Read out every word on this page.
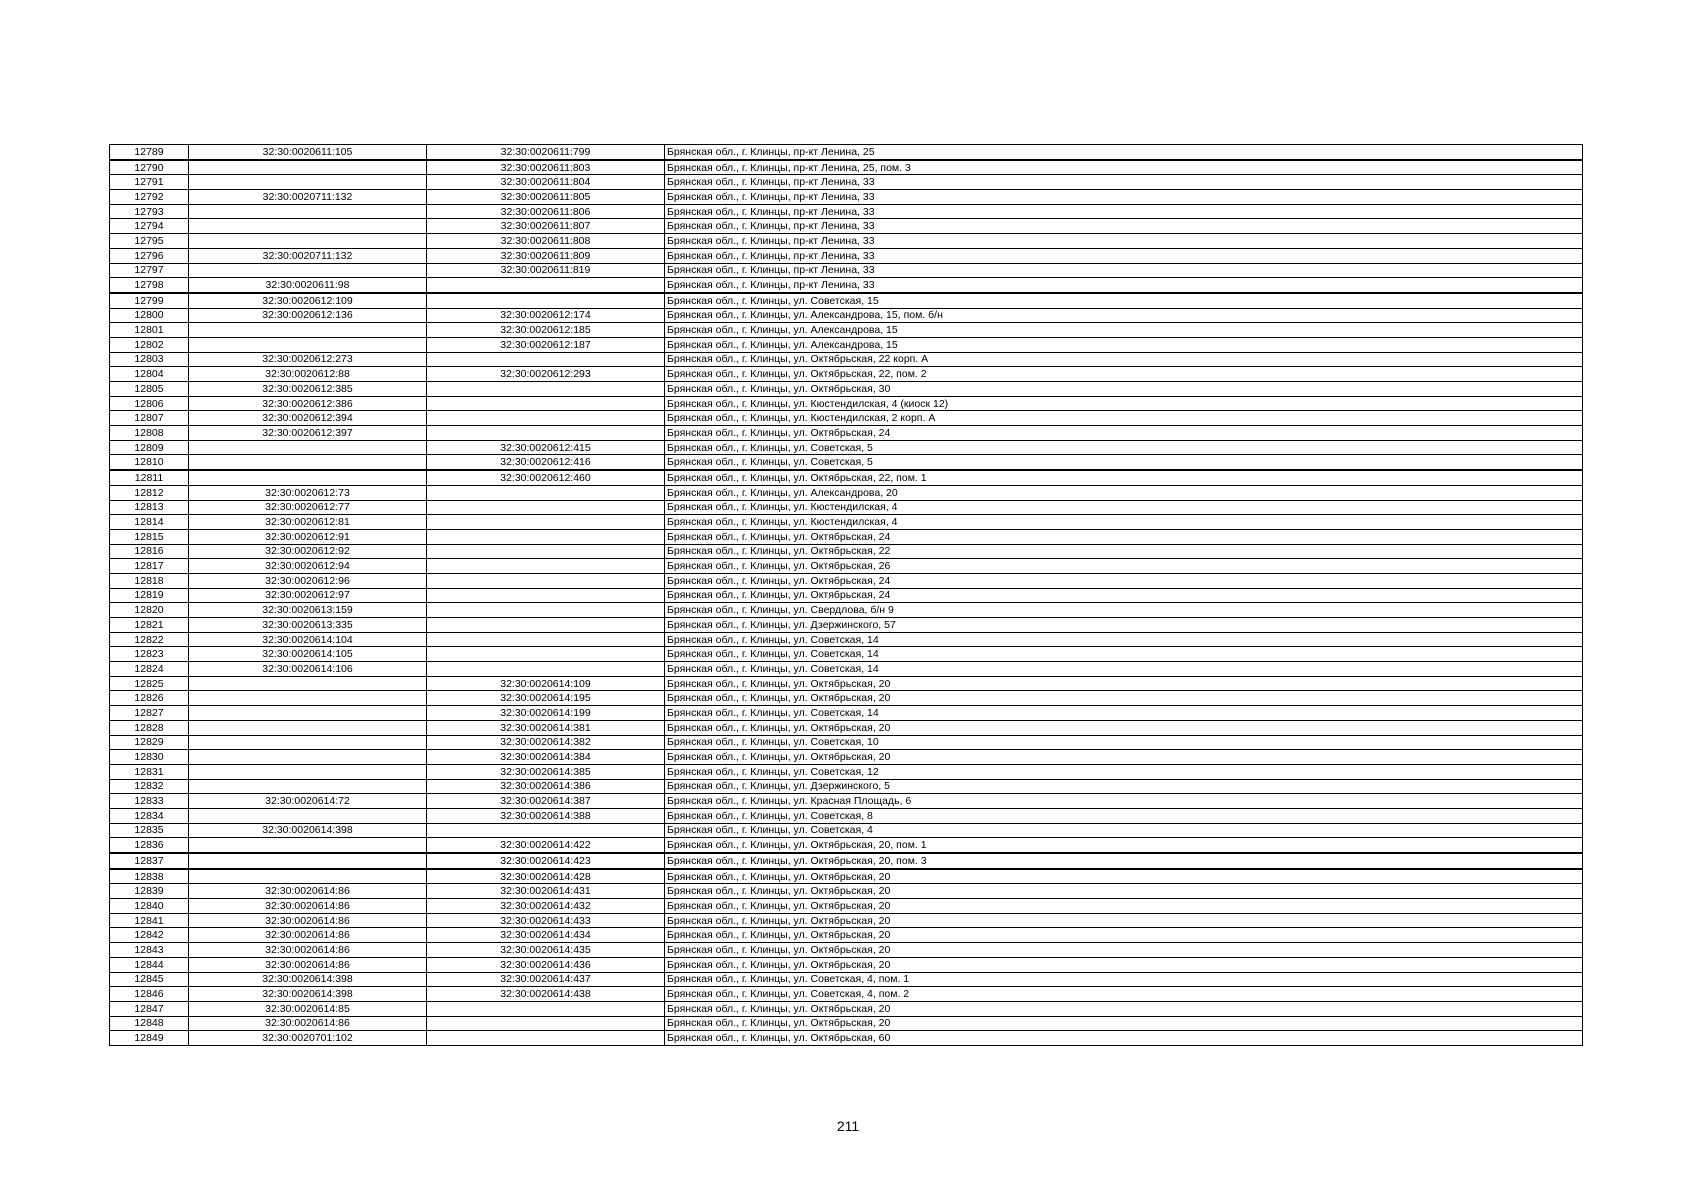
12789	32:30:0020611:105	32:30:0020611:799	Брянская обл., г. Клинцы, пр-кт Ленина, 25
12790		32:30:0020611:803	Брянская обл., г. Клинцы, пр-кт Ленина, 25, пом. 3
12791		32:30:0020611:804	Брянская обл., г. Клинцы, пр-кт Ленина, 33
12792	32:30:0020711:132	32:30:0020611:805	Брянская обл., г. Клинцы, пр-кт Ленина, 33
12793		32:30:0020611:806	Брянская обл., г. Клинцы, пр-кт Ленина, 33
12794		32:30:0020611:807	Брянская обл., г. Клинцы, пр-кт Ленина, 33
12795		32:30:0020611:808	Брянская обл., г. Клинцы, пр-кт Ленина, 33
12796	32:30:0020711:132	32:30:0020611:809	Брянская обл., г. Клинцы, пр-кт Ленина, 33
12797		32:30:0020611:819	Брянская обл., г. Клинцы, пр-кт Ленина, 33
12798	32:30:0020611:98		Брянская обл., г. Клинцы, пр-кт Ленина, 33
12799	32:30:0020612:109		Брянская обл., г. Клинцы, ул. Советская, 15
12800	32:30:0020612:136	32:30:0020612:174	Брянская обл., г. Клинцы, ул. Александрова, 15, пом. б/н
12801		32:30:0020612:185	Брянская обл., г. Клинцы, ул. Александрова, 15
12802		32:30:0020612:187	Брянская обл., г. Клинцы, ул. Александрова, 15
12803	32:30:0020612:273		Брянская обл., г. Клинцы, ул. Октябрьская, 22 корп. А
12804	32:30:0020612:88	32:30:0020612:293	Брянская обл., г. Клинцы, ул. Октябрьская, 22, пом. 2
12805	32:30:0020612:385		Брянская обл., г. Клинцы, ул. Октябрьская, 30
12806	32:30:0020612:386		Брянская обл., г. Клинцы, ул. Кюстендилская, 4 (киоск 12)
12807	32:30:0020612:394		Брянская обл., г. Клинцы, ул. Кюстендилская, 2 корп. А
12808	32:30:0020612:397		Брянская обл., г. Клинцы, ул. Октябрьская, 24
12809		32:30:0020612:415	Брянская обл., г. Клинцы, ул. Советская, 5
12810		32:30:0020612:416	Брянская обл., г. Клинцы, ул. Советская, 5
12811		32:30:0020612:460	Брянская обл., г. Клинцы, ул. Октябрьская, 22, пом. 1
12812	32:30:0020612:73		Брянская обл., г. Клинцы, ул. Александрова, 20
12813	32:30:0020612:77		Брянская обл., г. Клинцы, ул. Кюстендилская, 4
12814	32:30:0020612:81		Брянская обл., г. Клинцы, ул. Кюстендилская, 4
12815	32:30:0020612:91		Брянская обл., г. Клинцы, ул. Октябрьская, 24
12816	32:30:0020612:92		Брянская обл., г. Клинцы, ул. Октябрьская, 22
12817	32:30:0020612:94		Брянская обл., г. Клинцы, ул. Октябрьская, 26
12818	32:30:0020612:96		Брянская обл., г. Клинцы, ул. Октябрьская, 24
12819	32:30:0020612:97		Брянская обл., г. Клинцы, ул. Октябрьская, 24
12820	32:30:0020613:159		Брянская обл., г. Клинцы, ул. Свердлова, б/н 9
12821	32:30:0020613:335		Брянская обл., г. Клинцы, ул. Дзержинского, 57
12822	32:30:0020614:104		Брянская обл., г. Клинцы, ул. Советская, 14
12823	32:30:0020614:105		Брянская обл., г. Клинцы, ул. Советская, 14
12824	32:30:0020614:106		Брянская обл., г. Клинцы, ул. Советская, 14
12825		32:30:0020614:109	Брянская обл., г. Клинцы, ул. Октябрьская, 20
12826		32:30:0020614:195	Брянская обл., г. Клинцы, ул. Октябрьская, 20
12827		32:30:0020614:199	Брянская обл., г. Клинцы, ул. Советская, 14
12828		32:30:0020614:381	Брянская обл., г. Клинцы, ул. Октябрьская, 20
12829		32:30:0020614:382	Брянская обл., г. Клинцы, ул. Советская, 10
12830		32:30:0020614:384	Брянская обл., г. Клинцы, ул. Октябрьская, 20
12831		32:30:0020614:385	Брянская обл., г. Клинцы, ул. Советская, 12
12832		32:30:0020614:386	Брянская обл., г. Клинцы, ул. Дзержинского, 5
12833	32:30:0020614:72	32:30:0020614:387	Брянская обл., г. Клинцы, ул. Красная Площадь, 6
12834		32:30:0020614:388	Брянская обл., г. Клинцы, ул. Советская, 8
12835	32:30:0020614:398		Брянская обл., г. Клинцы, ул. Советская, 4
12836		32:30:0020614:422	Брянская обл., г. Клинцы, ул. Октябрьская, 20, пом. 1
12837		32:30:0020614:423	Брянская обл., г. Клинцы, ул. Октябрьская, 20, пом. 3
12838		32:30:0020614:428	Брянская обл., г. Клинцы, ул. Октябрьская, 20
12839	32:30:0020614:86	32:30:0020614:431	Брянская обл., г. Клинцы, ул. Октябрьская, 20
12840	32:30:0020614:86	32:30:0020614:432	Брянская обл., г. Клинцы, ул. Октябрьская, 20
12841	32:30:0020614:86	32:30:0020614:433	Брянская обл., г. Клинцы, ул. Октябрьская, 20
12842	32:30:0020614:86	32:30:0020614:434	Брянская обл., г. Клинцы, ул. Октябрьская, 20
12843	32:30:0020614:86	32:30:0020614:435	Брянская обл., г. Клинцы, ул. Октябрьская, 20
12844	32:30:0020614:86	32:30:0020614:436	Брянская обл., г. Клинцы, ул. Октябрьская, 20
12845	32:30:0020614:398	32:30:0020614:437	Брянская обл., г. Клинцы, ул. Советская, 4, пом. 1
12846	32:30:0020614:398	32:30:0020614:438	Брянская обл., г. Клинцы, ул. Советская, 4, пом. 2
12847	32:30:0020614:85		Брянская обл., г. Клинцы, ул. Октябрьская, 20
12848	32:30:0020614:86		Брянская обл., г. Клинцы, ул. Октябрьская, 20
12849	32:30:0020701:102		Брянская обл., г. Клинцы, ул. Октябрьская, 60
211
